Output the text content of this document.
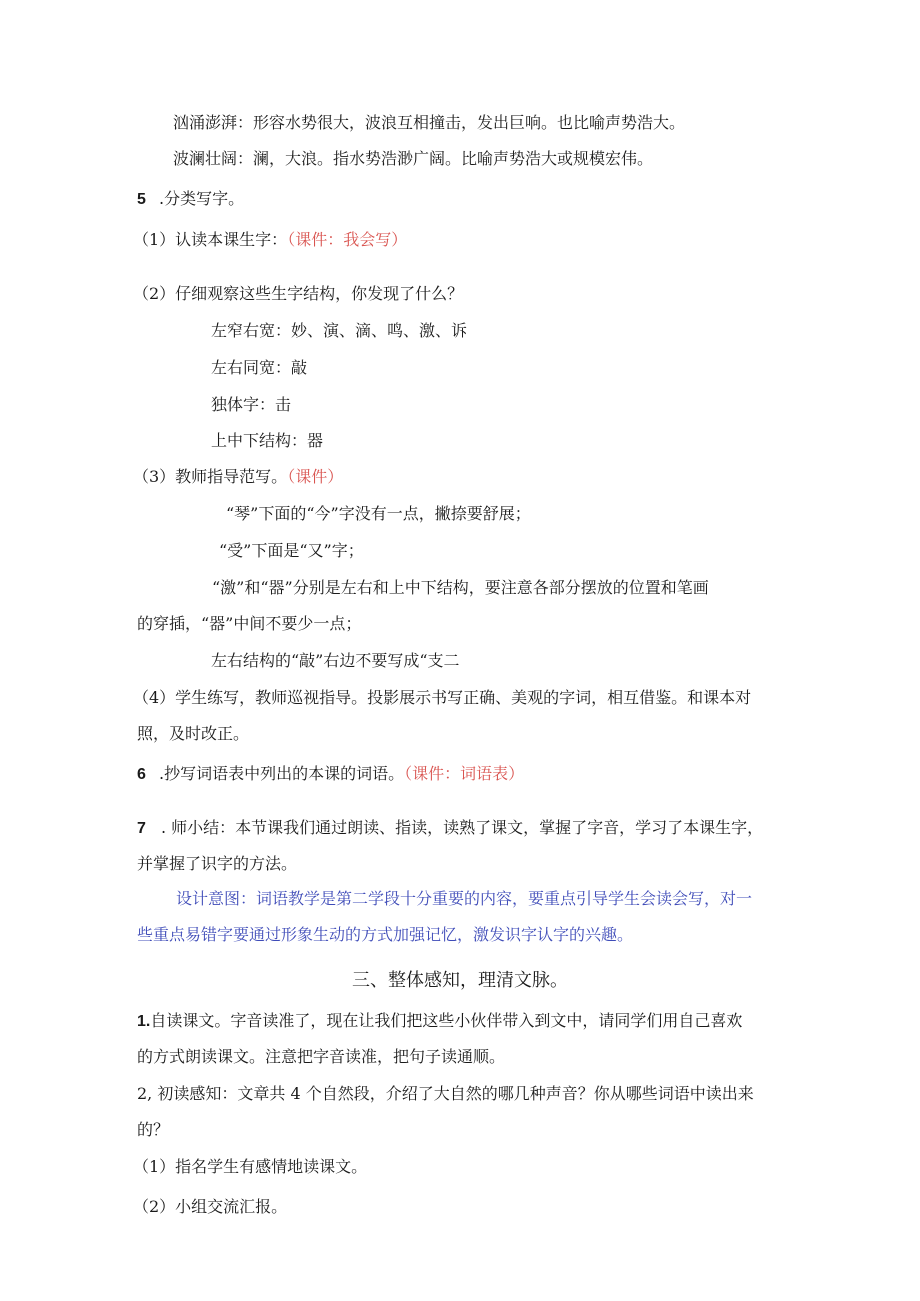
汹涌澎湃：形容水势很大，波浪互相撞击，发出巨响。也比喻声势浩大。
波澜壮阔：澜，大浪。指水势浩渺广阔。比喻声势浩大或规模宏伟。
5 .分类写字。
（1）认读本课生字：（课件：我会写）
（2）仔细观察这些生字结构，你发现了什么？
左窄右宽：妙、演、滴、鸣、激、诉
左右同宽：敲
独体字：击
上中下结构：器
（3）教师指导范写。（课件）
“琴”下面的“今”字没有一点，撇捺要舒展；
“受”下面是“又”字；
“激”和“器”分别是左右和上中下结构，要注意各部分摆放的位置和笔画
的穿插，“器”中间不要少一点；
左右结构的“敲”右边不要写成“支二
（4）学生练写，教师巡视指导。投影展示书写正确、美观的字词，相互借鉴。和课本对
照，及时改正。
6 .抄写词语表中列出的本课的词语。（课件：词语表）
7 . 师小结：本节课我们通过朗读、指读，读熟了课文，掌握了字音，学习了本课生字，
并掌握了识字的方法。
设计意图：词语教学是第二学段十分重要的内容，要重点引导学生会读会写，对一
些重点易错字要通过形象生动的方式加强记忆，激发识字认字的兴趣。
三、整体感知，理清文脉。
1.自读课文。字音读准了，现在让我们把这些小伙伴带入到文中，请同学们用自己喜欢
的方式朗读课文。注意把字音读准，把句子读通顺。
2, 初读感知：文章共 4 个自然段，介绍了大自然的哪几种声音？你从哪些词语中读出来
的？
（1）指名学生有感情地读课文。
（2）小组交流汇报。
